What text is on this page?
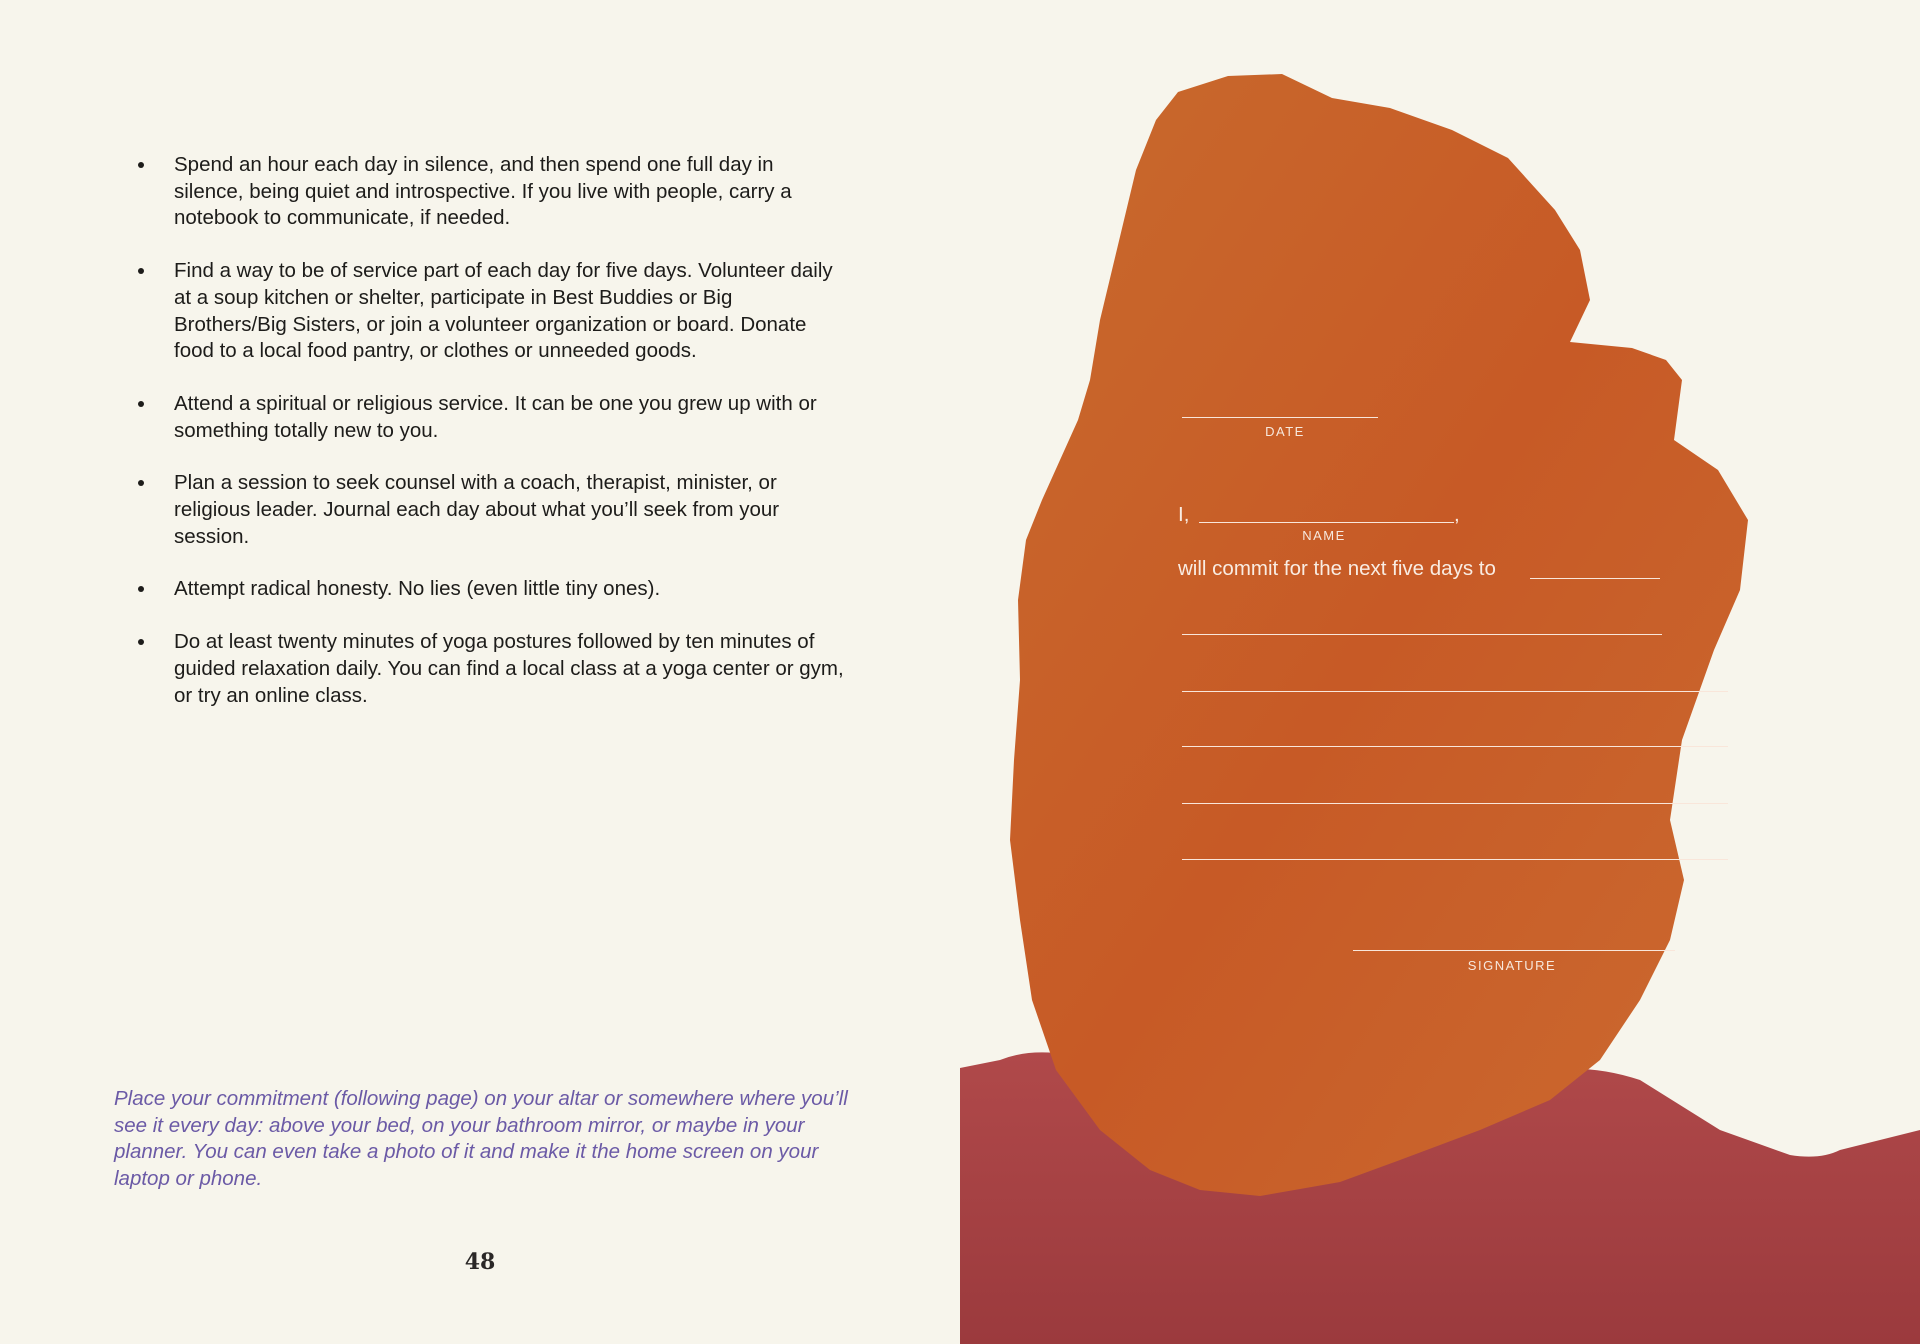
Spend an hour each day in silence, and then spend one full day in silence, being quiet and introspective. If you live with people, carry a notebook to communicate, if needed.
Find a way to be of service part of each day for five days. Volunteer daily at a soup kitchen or shelter, participate in Best Buddies or Big Brothers/Big Sisters, or join a volunteer organization or board. Donate food to a local food pantry, or clothes or unneeded goods.
Attend a spiritual or religious service. It can be one you grew up with or something totally new to you.
Plan a session to seek counsel with a coach, therapist, minister, or religious leader. Journal each day about what you’ll seek from your session.
Attempt radical honesty. No lies (even little tiny ones).
Do at least twenty minutes of yoga postures followed by ten minutes of guided relaxation daily. You can find a local class at a yoga center or gym, or try an online class.

Place your commitment (following page) on your altar or somewhere where you’ll see it every day: above your bed, on your bathroom mirror, or maybe in your planner. You can even take a photo of it and make it the home screen on your laptop or phone.

48
DATE
I,	,
NAME
will commit for the next five days to
SIGNATURE
